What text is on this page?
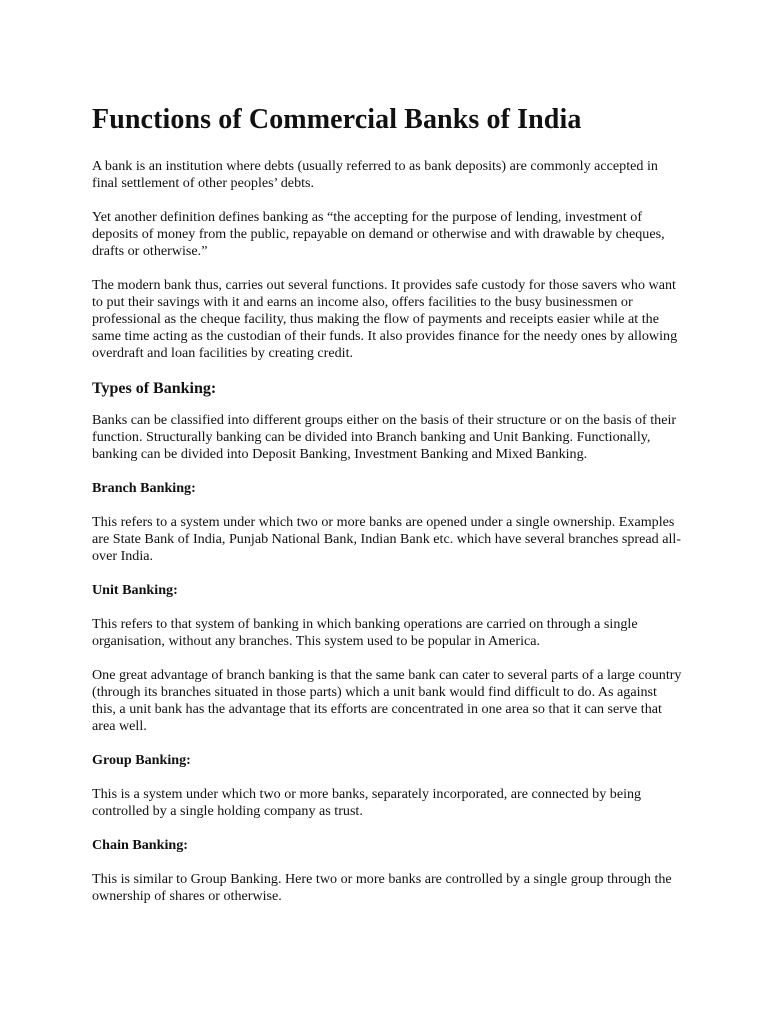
Functions of Commercial Banks of India

A bank is an institution where debts (usually referred to as bank deposits) are commonly accepted in final settlement of other peoples’ debts.

Yet another definition defines banking as “the accepting for the purpose of lending, investment of deposits of money from the public, repayable on demand or otherwise and with drawable by cheques, drafts or otherwise.”

The modern bank thus, carries out several functions. It provides safe custody for those savers who want to put their savings with it and earns an income also, offers facilities to the busy businessmen or professional as the cheque facility, thus making the flow of payments and receipts easier while at the same time acting as the custodian of their funds. It also provides finance for the needy ones by allowing overdraft and loan facilities by creating credit.

Types of Banking:

Banks can be classified into different groups either on the basis of their structure or on the basis of their function. Structurally banking can be divided into Branch banking and Unit Banking. Functionally, banking can be divided into Deposit Banking, Investment Banking and Mixed Banking.

Branch Banking:

This refers to a system under which two or more banks are opened under a single ownership. Examples are State Bank of India, Punjab National Bank, Indian Bank etc. which have several branches spread all-over India.

Unit Banking:

This refers to that system of banking in which banking operations are carried on through a single organisation, without any branches. This system used to be popular in America.

One great advantage of branch banking is that the same bank can cater to several parts of a large country (through its branches situated in those parts) which a unit bank would find difficult to do. As against this, a unit bank has the advantage that its efforts are concentrated in one area so that it can serve that area well.

Group Banking:

This is a system under which two or more banks, separately incorporated, are connected by being controlled by a single holding company as trust.

Chain Banking:

This is similar to Group Banking. Here two or more banks are controlled by a single group through the ownership of shares or otherwise.
